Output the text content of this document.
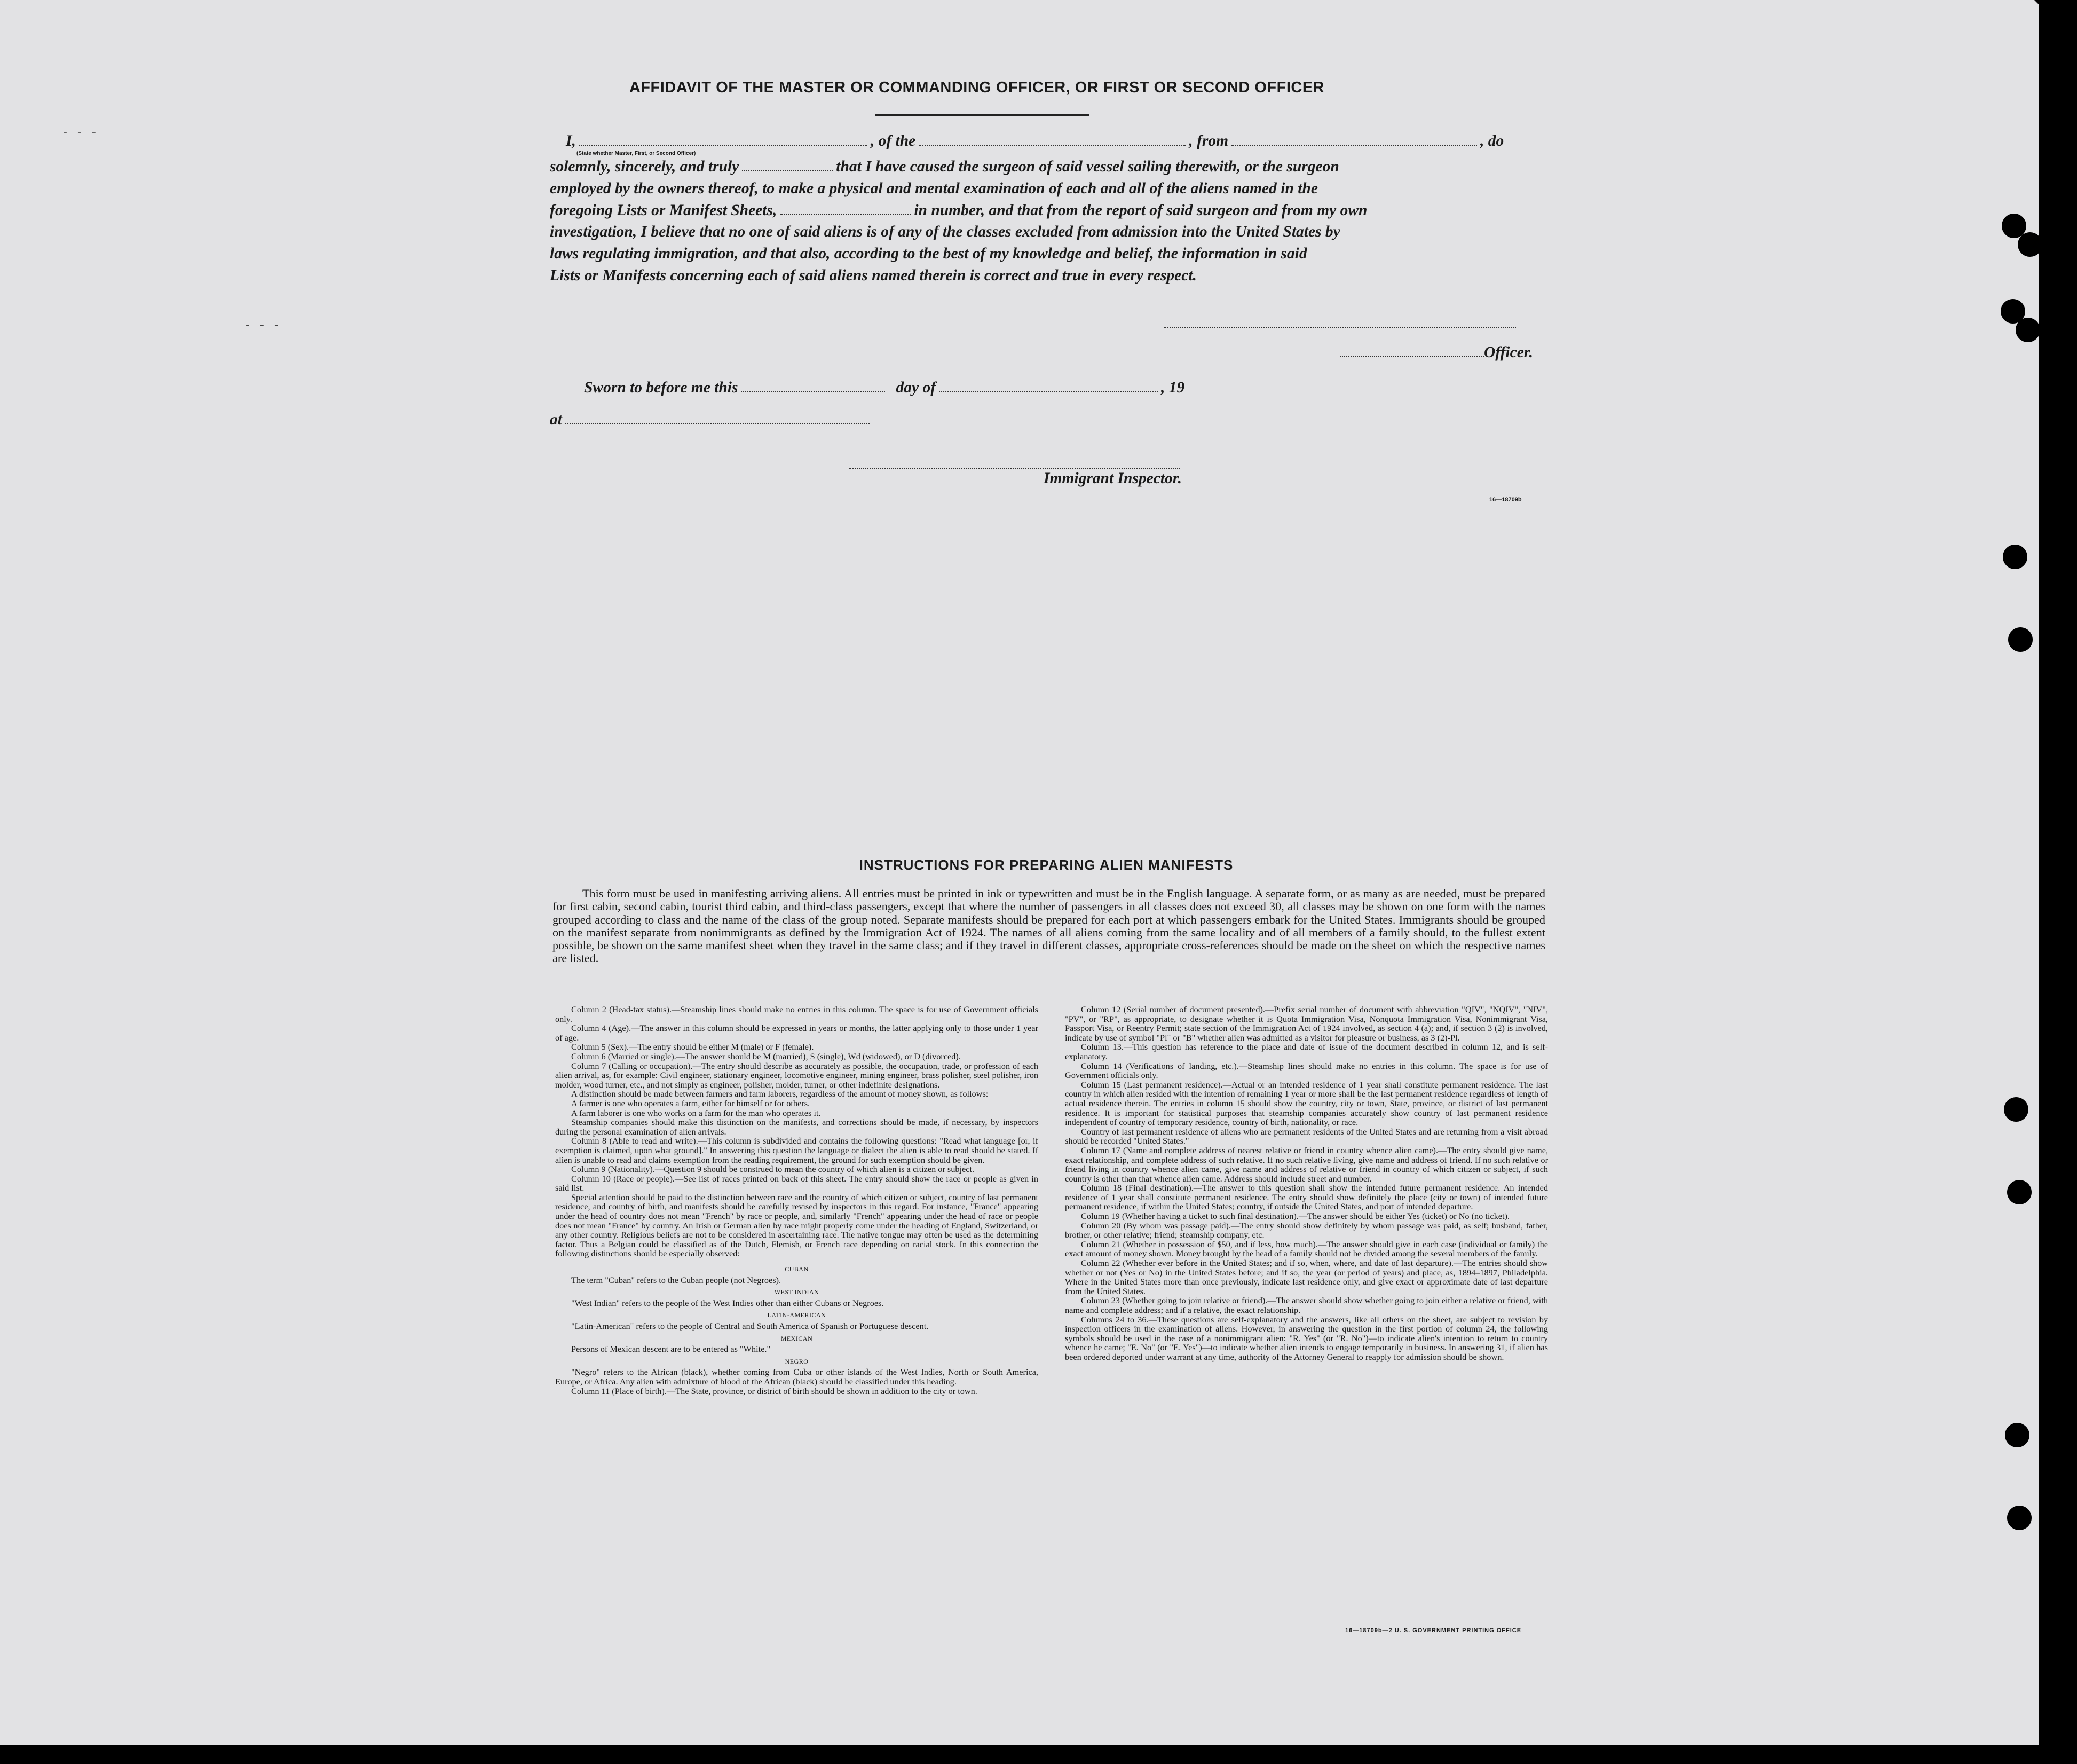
- - -
- - -
AFFIDAVIT OF THE MASTER OR COMMANDING OFFICER, OR FIRST OR SECOND OFFICER
I,	, of the	, from	, do
(State whether Master, First, or Second Officer)
solemnly, sincerely, and truly	that I have caused the surgeon of said vessel sailing therewith, or the surgeon
employed by the owners thereof, to make a physical and mental examination of each and all of the aliens named in the
foregoing Lists or Manifest Sheets,	in number, and that from the report of said surgeon and from my own
investigation, I believe that no one of said aliens is of any of the classes excluded from admission into the United States by
laws regulating immigration, and that also, according to the best of my knowledge and belief, the information in said
Lists or Manifests concerning each of said aliens named therein is correct and true in every respect.
Officer.
Sworn to before me this	day of	, 19
at
Immigrant Inspector.
16—18709b
INSTRUCTIONS FOR PREPARING ALIEN MANIFESTS

This form must be used in manifesting arriving aliens. All entries must be printed in ink or typewritten and must be in the English language. A separate form, or as many as are needed, must be prepared for first cabin, second cabin, tourist third cabin, and third-class passengers, except that where the number of passengers in all classes does not exceed 30, all classes may be shown on one form with the names grouped according to class and the name of the class of the group noted. Separate manifests should be prepared for each port at which passengers embark for the United States. Immigrants should be grouped on the manifest separate from nonimmigrants as defined by the Immigration Act of 1924. The names of all aliens coming from the same locality and of all members of a family should, to the fullest extent possible, be shown on the same manifest sheet when they travel in the same class; and if they travel in different classes, appropriate cross-references should be made on the sheet on which the respective names are listed.

Column 2 (Head-tax status).—Steamship lines should make no entries in this column. The space is for use of Government officials only.

Column 4 (Age).—The answer in this column should be expressed in years or months, the latter applying only to those under 1 year of age.

Column 5 (Sex).—The entry should be either M (male) or F (female).

Column 6 (Married or single).—The answer should be M (married), S (single), Wd (widowed), or D (divorced).

Column 7 (Calling or occupation).—The entry should describe as accurately as possible, the occupation, trade, or profession of each alien arrival, as, for example: Civil engineer, stationary engineer, locomotive engineer, mining engineer, brass polisher, steel polisher, iron molder, wood turner, etc., and not simply as engineer, polisher, molder, turner, or other indefinite designations.

A distinction should be made between farmers and farm laborers, regardless of the amount of money shown, as follows:

A farmer is one who operates a farm, either for himself or for others.

A farm laborer is one who works on a farm for the man who operates it.

Steamship companies should make this distinction on the manifests, and corrections should be made, if necessary, by inspectors during the personal examination of alien arrivals.

Column 8 (Able to read and write).—This column is subdivided and contains the following questions: "Read what language [or, if exemption is claimed, upon what ground]." In answering this question the language or dialect the alien is able to read should be stated. If alien is unable to read and claims exemption from the reading requirement, the ground for such exemption should be given.

Column 9 (Nationality).—Question 9 should be construed to mean the country of which alien is a citizen or subject.

Column 10 (Race or people).—See list of races printed on back of this sheet. The entry should show the race or people as given in said list.

Special attention should be paid to the distinction between race and the country of which citizen or subject, country of last permanent residence, and country of birth, and manifests should be carefully revised by inspectors in this regard. For instance, "France" appearing under the head of country does not mean "French" by race or people, and, similarly "French" appearing under the head of race or people does not mean "France" by country. An Irish or German alien by race might properly come under the heading of England, Switzerland, or any other country. Religious beliefs are not to be considered in ascertaining race. The native tongue may often be used as the determining factor. Thus a Belgian could be classified as of the Dutch, Flemish, or French race depending on racial stock. In this connection the following distinctions should be especially observed:

CUBAN

The term "Cuban" refers to the Cuban people (not Negroes).

WEST INDIAN

"West Indian" refers to the people of the West Indies other than either Cubans or Negroes.

LATIN-AMERICAN

"Latin-American" refers to the people of Central and South America of Spanish or Portuguese descent.

MEXICAN

Persons of Mexican descent are to be entered as "White."

NEGRO

"Negro" refers to the African (black), whether coming from Cuba or other islands of the West Indies, North or South America, Europe, or Africa. Any alien with admixture of blood of the African (black) should be classified under this heading.

Column 11 (Place of birth).—The State, province, or district of birth should be shown in addition to the city or town.

Column 12 (Serial number of document presented).—Prefix serial number of document with abbreviation "QIV", "NQIV", "NIV", "PV", or "RP", as appropriate, to designate whether it is Quota Immigration Visa, Nonquota Immigration Visa, Nonimmigrant Visa, Passport Visa, or Reentry Permit; state section of the Immigration Act of 1924 involved, as section 4 (a); and, if section 3 (2) is involved, indicate by use of symbol "Pl" or "B" whether alien was admitted as a visitor for pleasure or business, as 3 (2)-Pl.

Column 13.—This question has reference to the place and date of issue of the document described in column 12, and is self-explanatory.

Column 14 (Verifications of landing, etc.).—Steamship lines should make no entries in this column. The space is for use of Government officials only.

Column 15 (Last permanent residence).—Actual or an intended residence of 1 year shall constitute permanent residence. The last country in which alien resided with the intention of remaining 1 year or more shall be the last permanent residence regardless of length of actual residence therein. The entries in column 15 should show the country, city or town, State, province, or district of last permanent residence. It is important for statistical purposes that steamship companies accurately show country of last permanent residence independent of country of temporary residence, country of birth, nationality, or race.

Country of last permanent residence of aliens who are permanent residents of the United States and are returning from a visit abroad should be recorded "United States."

Column 17 (Name and complete address of nearest relative or friend in country whence alien came).—The entry should give name, exact relationship, and complete address of such relative. If no such relative living, give name and address of friend. If no such relative or friend living in country whence alien came, give name and address of relative or friend in country of which citizen or subject, if such country is other than that whence alien came. Address should include street and number.

Column 18 (Final destination).—The answer to this question shall show the intended future permanent residence. An intended residence of 1 year shall constitute permanent residence. The entry should show definitely the place (city or town) of intended future permanent residence, if within the United States; country, if outside the United States, and port of intended departure.

Column 19 (Whether having a ticket to such final destination).—The answer should be either Yes (ticket) or No (no ticket).

Column 20 (By whom was passage paid).—The entry should show definitely by whom passage was paid, as self; husband, father, brother, or other relative; friend; steamship company, etc.

Column 21 (Whether in possession of $50, and if less, how much).—The answer should give in each case (individual or family) the exact amount of money shown. Money brought by the head of a family should not be divided among the several members of the family.

Column 22 (Whether ever before in the United States; and if so, when, where, and date of last departure).—The entries should show whether or not (Yes or No) in the United States before; and if so, the year (or period of years) and place, as, 1894–1897, Philadelphia. Where in the United States more than once previously, indicate last residence only, and give exact or approximate date of last departure from the United States.

Column 23 (Whether going to join relative or friend).—The answer should show whether going to join either a relative or friend, with name and complete address; and if a relative, the exact relationship.

Columns 24 to 36.—These questions are self-explanatory and the answers, like all others on the sheet, are subject to revision by inspection officers in the examination of aliens. However, in answering the question in the first portion of column 24, the following symbols should be used in the case of a nonimmigrant alien: "R. Yes" (or "R. No")—to indicate alien's intention to return to country whence he came; "E. No" (or "E. Yes")—to indicate whether alien intends to engage temporarily in business. In answering 31, if alien has been ordered deported under warrant at any time, authority of the Attorney General to reapply for admission should be shown.

16—18709b—2 U. S. GOVERNMENT PRINTING OFFICE
